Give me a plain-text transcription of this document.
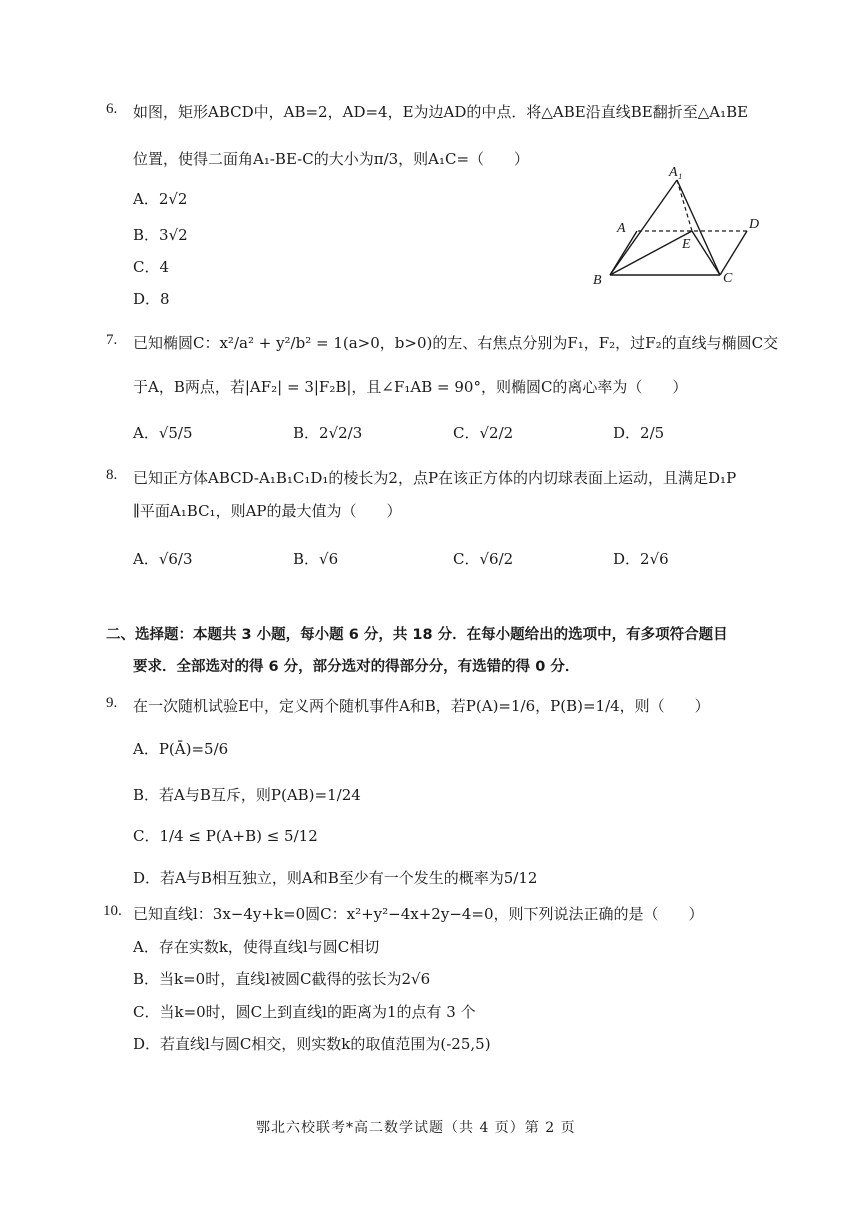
6. 如图，矩形ABCD中，AB=2，AD=4，E为边AD的中点．将△ABE沿直线BE翻折至△A₁BE
位置，使得二面角A₁-BE-C的大小为π/3，则A₁C=（　　）
A．2√2
B．3√2
C．4
D．8
A₁
A	D
E
B	C
7. 已知椭圆C：x²/a² + y²/b² = 1(a>0，b>0)的左、右焦点分别为F₁，F₂，过F₂的直线与椭圆C交
于A，B两点，若|AF₂| = 3|F₂B|，且∠F₁AB = 90°，则椭圆C的离心率为（　　）
A．√5/5	B．2√2/3	C．√2/2	D．2/5
8. 已知正方体ABCD-A₁B₁C₁D₁的棱长为2，点P在该正方体的内切球表面上运动，且满足D₁P
∥平面A₁BC₁，则AP的最大值为（　　）
A．√6/3	B．√6	C．√6/2	D．2√6
二、选择题：本题共 3 小题，每小题 6 分，共 18 分．在每小题给出的选项中，有多项符合题目
要求．全部选对的得 6 分，部分选对的得部分分，有选错的得 0 分．
9. 在一次随机试验E中，定义两个随机事件A和B，若P(A)=1/6，P(B)=1/4，则（　　）
A．P(Ā)=5/6
B．若A与B互斥，则P(AB)=1/24
C．1/4 ≤ P(A+B) ≤ 5/12
D．若A与B相互独立，则A和B至少有一个发生的概率为5/12
10. 已知直线l：3x−4y+k=0圆C：x²+y²−4x+2y−4=0，则下列说法正确的是（　　）
A．存在实数k，使得直线l与圆C相切
B．当k=0时，直线l被圆C截得的弦长为2√6
C．当k=0时，圆C上到直线l的距离为1的点有 3 个
D．若直线l与圆C相交，则实数k的取值范围为(-25,5)
鄂北六校联考*高二数学试题（共 4 页）第 2 页
